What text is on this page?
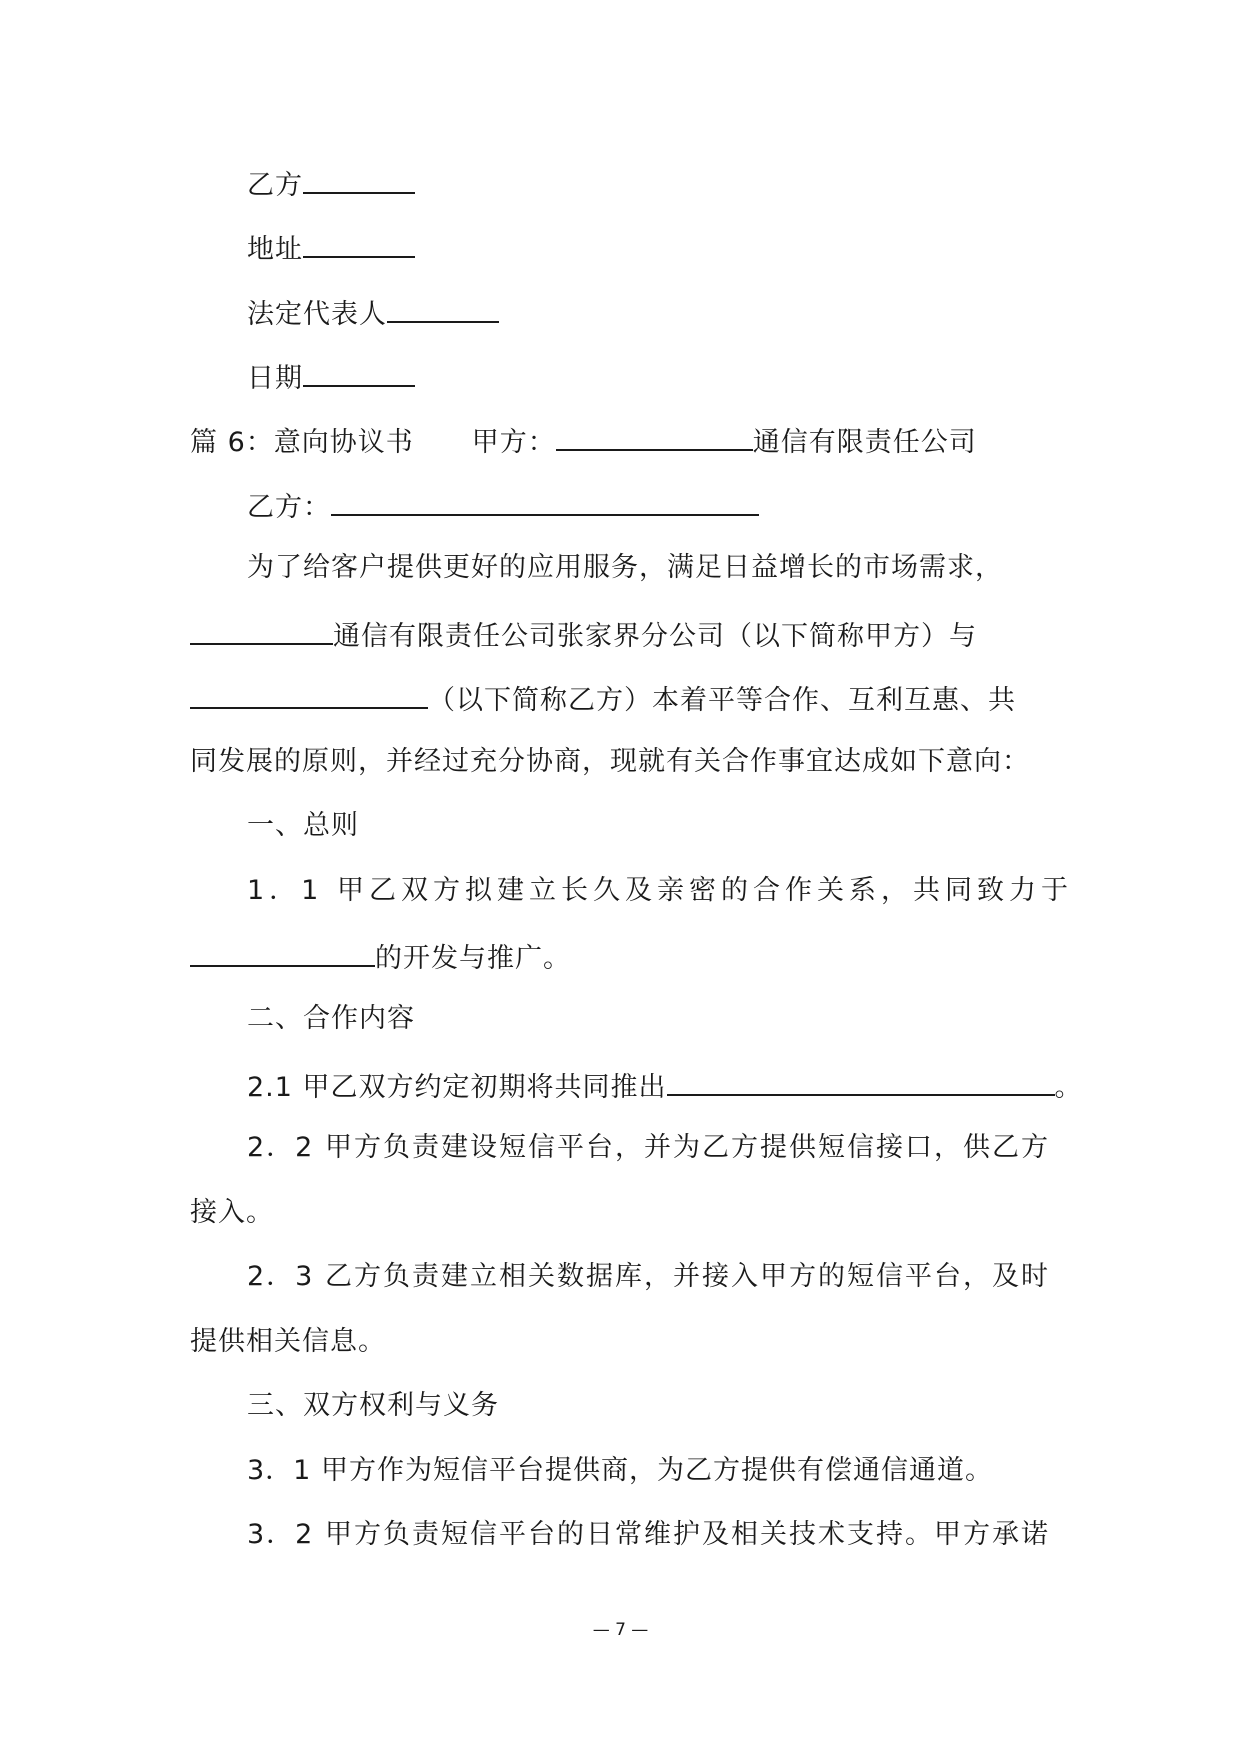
乙方
地址
法定代表人
日期
篇 6：意向协议书 甲方：	通信有限责任公司
乙方：
为了给客户提供更好的应用服务，满足日益增长的市场需求，
通信有限责任公司张家界分公司（以下简称甲方）与
（以下简称乙方）本着平等合作、互利互惠、共
同发展的原则，并经过充分协商，现就有关合作事宜达成如下意向：
一、总则
1．1 甲乙双方拟建立长久及亲密的合作关系，共同致力于
的开发与推广。
二、合作内容
2.1 甲乙双方约定初期将共同推出	。
2．2 甲方负责建设短信平台，并为乙方提供短信接口，供乙方
接入。
2．3 乙方负责建立相关数据库，并接入甲方的短信平台，及时
提供相关信息。
三、双方权利与义务
3．1 甲方作为短信平台提供商，为乙方提供有偿通信通道。
3．2 甲方负责短信平台的日常维护及相关技术支持。甲方承诺
— 7 —
